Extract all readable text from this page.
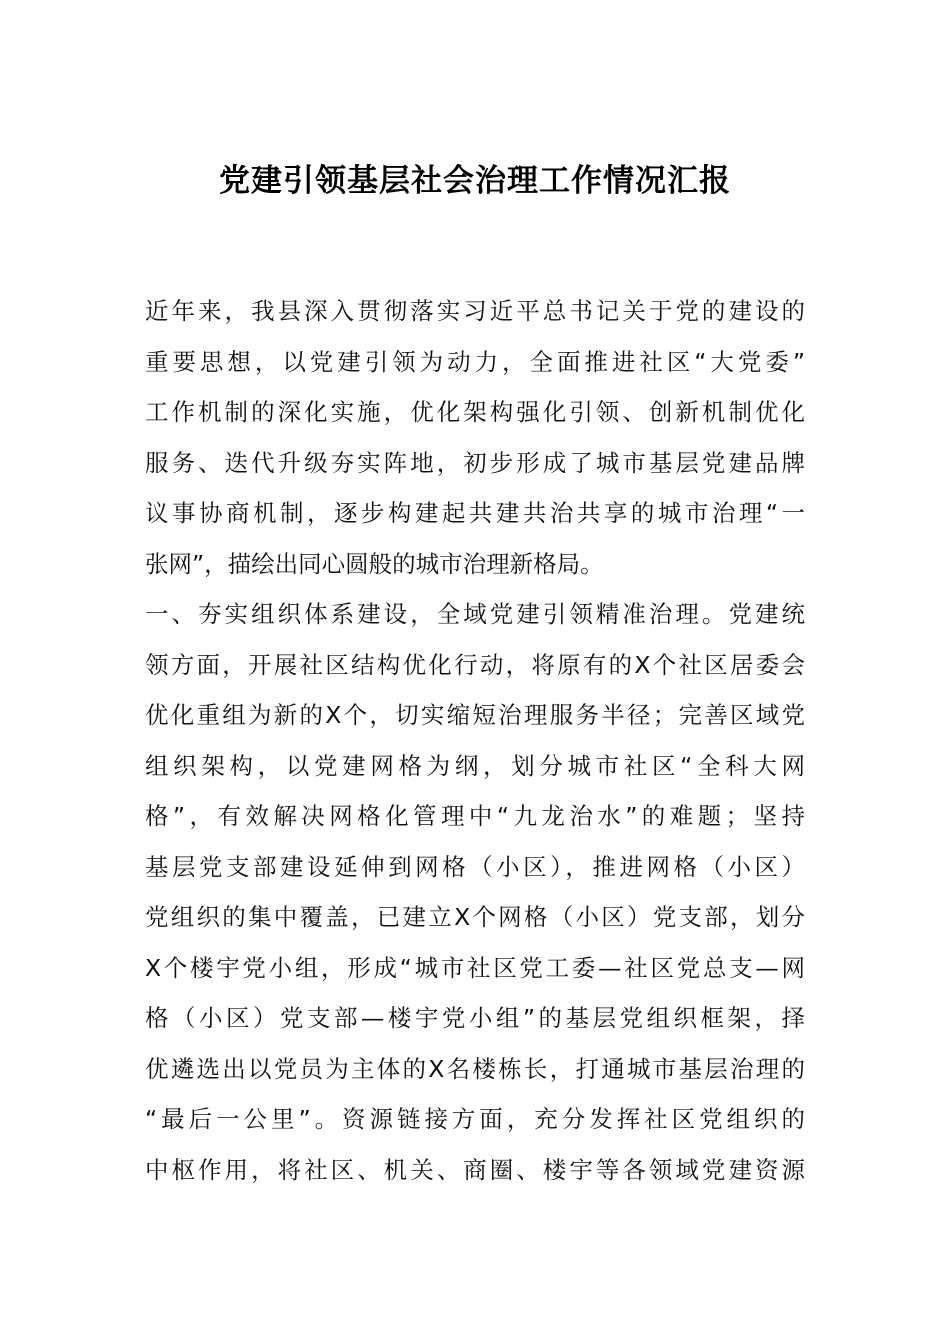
党建引领基层社会治理工作情况汇报
近年来，我县深入贯彻落实习近平总书记关于党的建设的
重要思想，以党建引领为动力，全面推进社区“大党委”
工作机制的深化实施，优化架构强化引领、创新机制优化
服务、迭代升级夯实阵地，初步形成了城市基层党建品牌
议事协商机制，逐步构建起共建共治共享的城市治理“一
张网”，描绘出同心圆般的城市治理新格局。
一、夯实组织体系建设，全域党建引领精准治理。党建统
领方面，开展社区结构优化行动，将原有的X个社区居委会
优化重组为新的X个，切实缩短治理服务半径；完善区域党
组织架构，以党建网格为纲，划分城市社区“全科大网
格”，有效解决网格化管理中“九龙治水”的难题；坚持
基层党支部建设延伸到网格（小区），推进网格（小区）
党组织的集中覆盖，已建立X个网格（小区）党支部，划分
X个楼宇党小组，形成“城市社区党工委—社区党总支—网
格（小区）党支部—楼宇党小组”的基层党组织框架，择
优遴选出以党员为主体的X名楼栋长，打通城市基层治理的
“最后一公里”。资源链接方面，充分发挥社区党组织的
中枢作用，将社区、机关、商圈、楼宇等各领域党建资源
